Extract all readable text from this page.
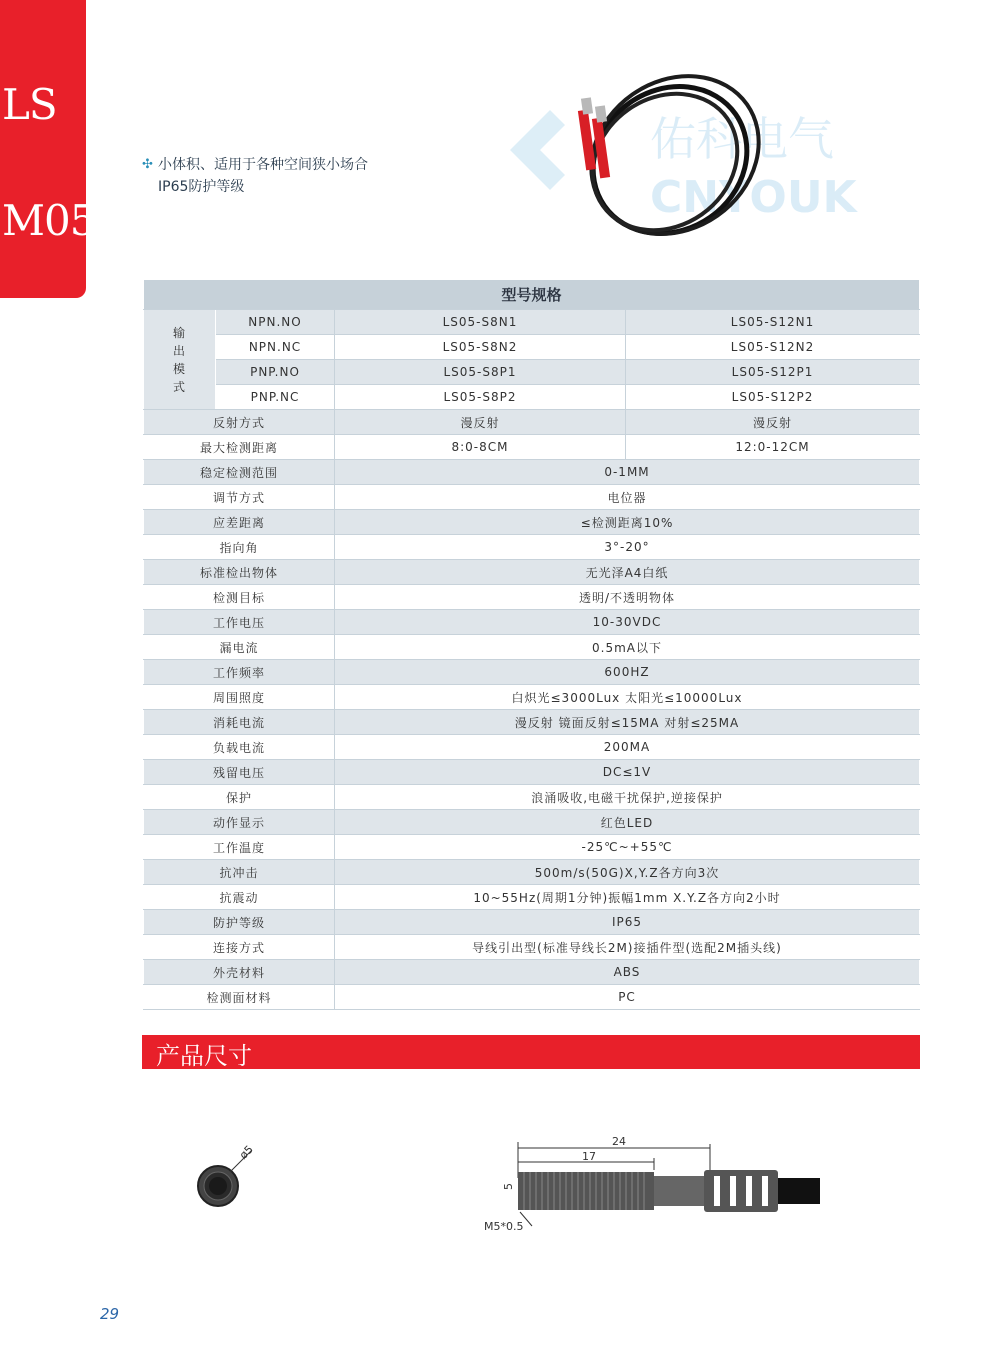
LS
M05
✣ 小体积、适用于各种空间狭小场合
IP65防护等级
佑科电气
CNYOUK
型号规格			

输
出
模
式	NPN.NO	LS05-S8N1	LS05-S12N1
	NPN.NC	LS05-S8N2	LS05-S12N2
	PNP.NO	LS05-S8P1	LS05-S12P1
	PNP.NC	LS05-S8P2	LS05-S12P2
反射方式		漫反射	漫反射
最大检测距离		8:0-8CM	12:0-12CM
稳定检测范围		0-1MM	
调节方式		电位器	
应差距离		≤检测距离10%	
指向角		3°-20°	
标准检出物体		无光泽A4白纸	
检测目标		透明/不透明物体	
工作电压		10-30VDC	
漏电流		0.5mA以下	
工作频率		600HZ	
周围照度		白炽光≤3000Lux 太阳光≤10000Lux	
消耗电流		漫反射 镜面反射≤15MA 对射≤25MA	
负载电流		200MA	
残留电压		DC≤1V	
保护		浪涌吸收,电磁干扰保护,逆接保护	
动作显示		红色LED	
工作温度		-25℃~+55℃	
抗冲击		500m/s(50G)X,Y.Z各方向3次	
抗震动		10~55Hz(周期1分钟)振幅1mm X.Y.Z各方向2小时	
防护等级		IP65	
连接方式		导线引出型(标准导线长2M)接插件型(选配2M插头线)	
外壳材料		ABS	
检测面材料		PC	
产品尺寸
ø5
24
17
5
M5*0.5
29
